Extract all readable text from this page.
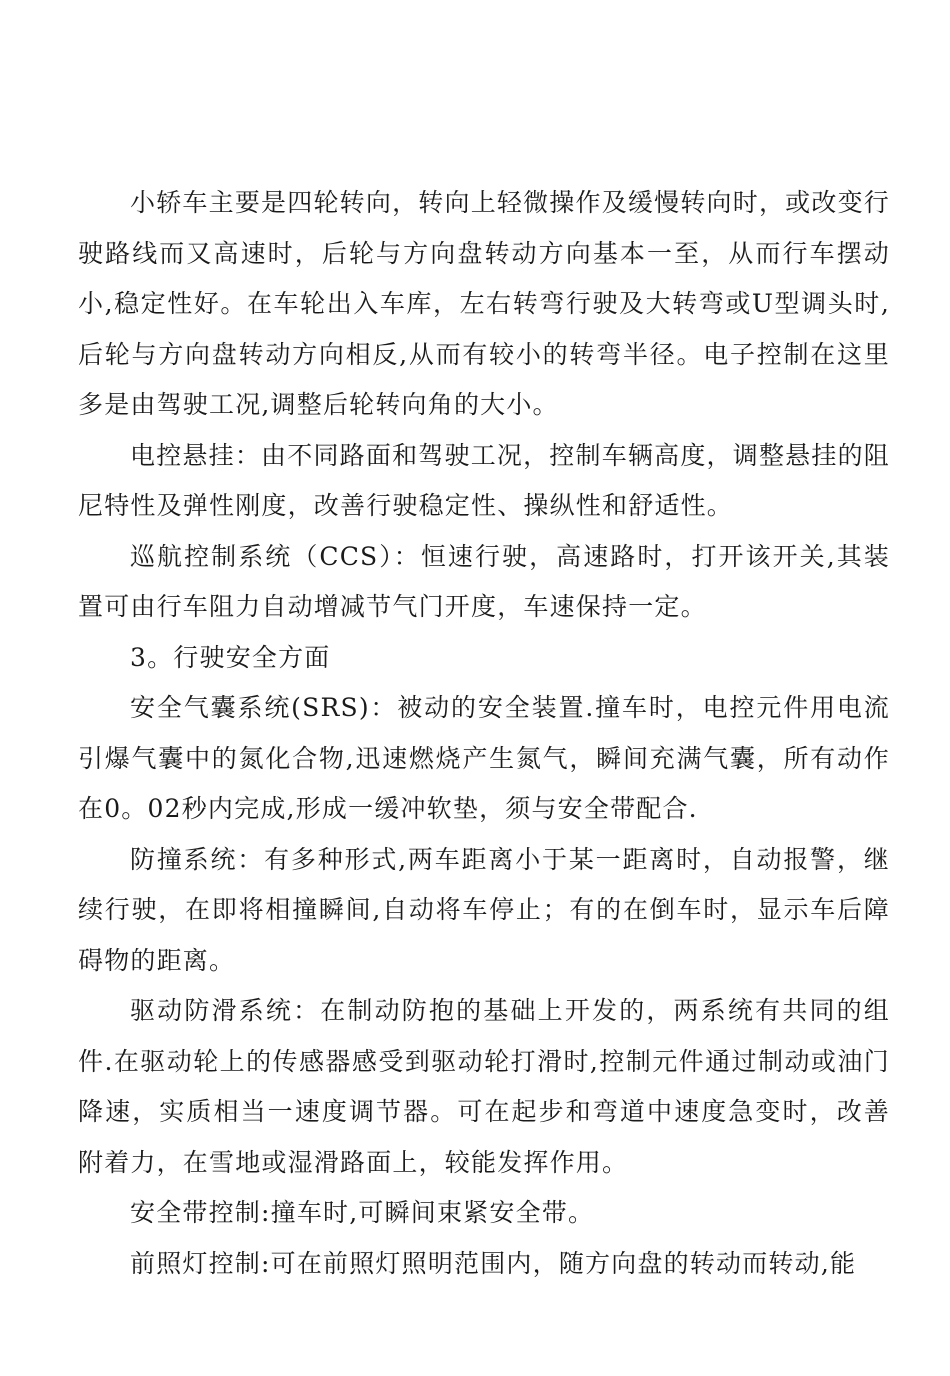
小轿车主要是四轮转向，转向上轻微操作及缓慢转向时，或改变行驶路线而又高速时，后轮与方向盘转动方向基本一至，从而行车摆动小,稳定性好。在车轮出入车库，左右转弯行驶及大转弯或U型调头时,后轮与方向盘转动方向相反,从而有较小的转弯半径。电子控制在这里多是由驾驶工况,调整后轮转向角的大小。

电控悬挂：由不同路面和驾驶工况，控制车辆高度，调整悬挂的阻尼特性及弹性刚度，改善行驶稳定性、操纵性和舒适性。

巡航控制系统（CCS）：恒速行驶，高速路时，打开该开关,其装置可由行车阻力自动增减节气门开度，车速保持一定。

3。行驶安全方面

安全气囊系统(SRS)：被动的安全装置.撞车时，电控元件用电流引爆气囊中的氮化合物,迅速燃烧产生氮气，瞬间充满气囊，所有动作在0。02秒内完成,形成一缓冲软垫，须与安全带配合.

防撞系统：有多种形式,两车距离小于某一距离时，自动报警，继续行驶，在即将相撞瞬间,自动将车停止；有的在倒车时，显示车后障碍物的距离。

驱动防滑系统：在制动防抱的基础上开发的，两系统有共同的组件.在驱动轮上的传感器感受到驱动轮打滑时,控制元件通过制动或油门降速，实质相当一速度调节器。可在起步和弯道中速度急变时，改善附着力，在雪地或湿滑路面上，较能发挥作用。

安全带控制:撞车时,可瞬间束紧安全带。

前照灯控制:可在前照灯照明范围内，随方向盘的转动而转动,能
